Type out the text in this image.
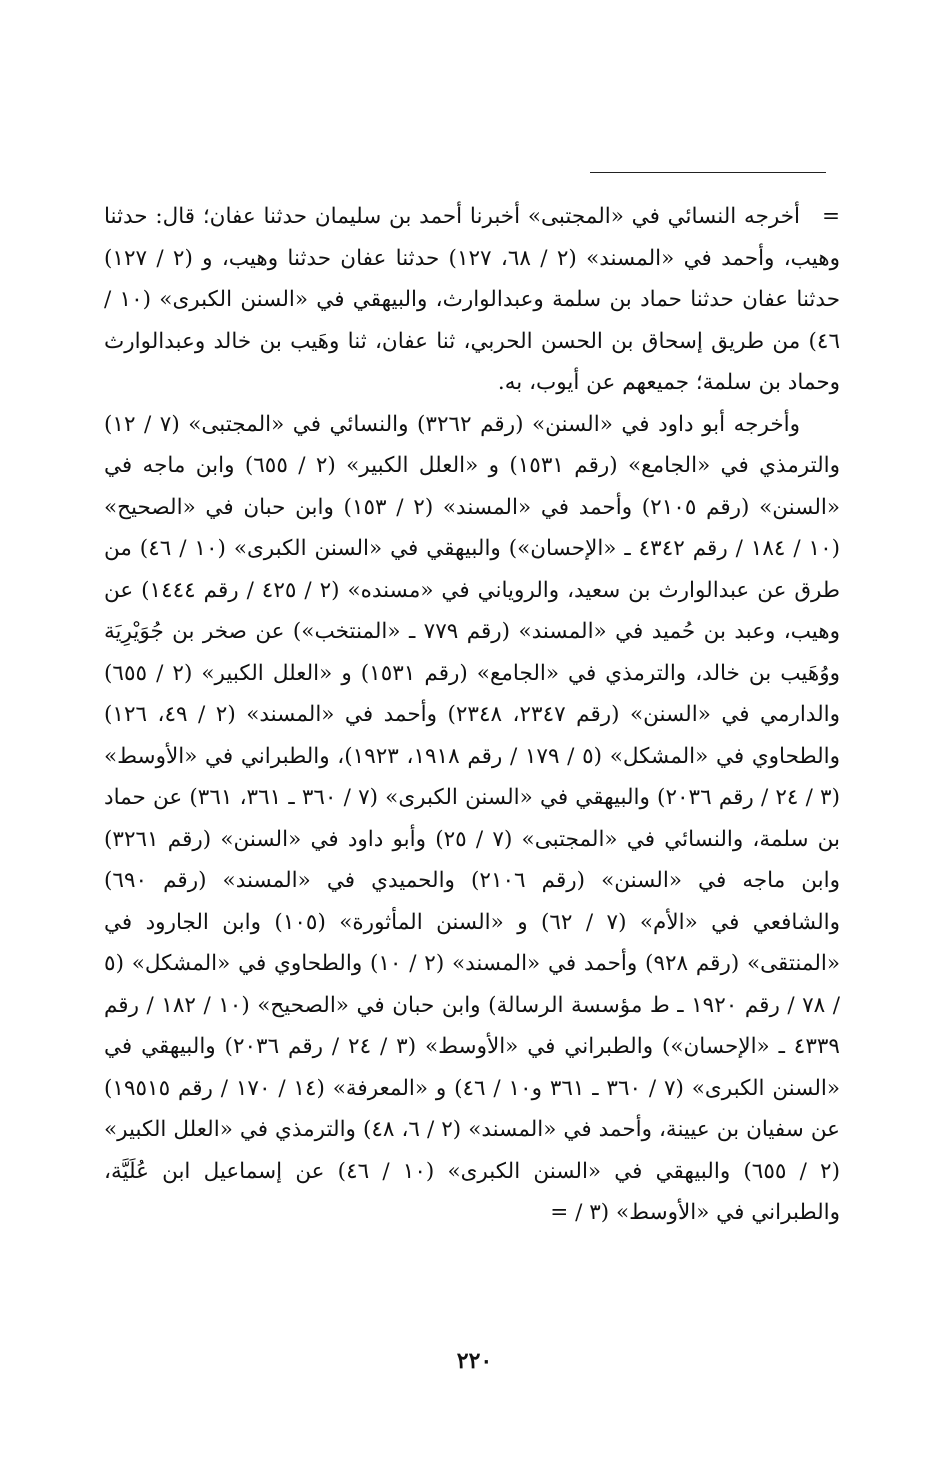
=
أخرجه النسائي في «المجتبى» أخبرنا أحمد بن سليمان حدثنا عفان؛ قال: حدثنا وهيب، وأحمد في «المسند» (٢ / ٦٨، ١٢٧) حدثنا عفان حدثنا وهيب، و (٢ / ١٢٧) حدثنا عفان حدثنا حماد بن سلمة وعبدالوارث، والبيهقي في «السنن الكبرى» (١٠ / ٤٦) من طريق إسحاق بن الحسن الحربي، ثنا عفان، ثنا وهَيب بن خالد وعبدالوارث وحماد بن سلمة؛ جميعهم عن أيوب، به.

وأخرجه أبو داود في «السنن» (رقم ٣٢٦٢) والنسائي في «المجتبى» (٧ / ١٢) والترمذي في «الجامع» (رقم ١٥٣١) و «العلل الكبير» (٢ / ٦٥٥) وابن ماجه في «السنن» (رقم ٢١٠٥) وأحمد في «المسند» (٢ / ١٥٣) وابن حبان في «الصحيح» (١٠ / ١٨٤ / رقم ٤٣٤٢ ـ «الإحسان») والبيهقي في «السنن الكبرى» (١٠ / ٤٦) من طرق عن عبدالوارث بن سعيد، والروياني في «مسنده» (٢ / ٤٢٥ / رقم ١٤٤٤) عن وهيب، وعبد بن حُميد في «المسند» (رقم ٧٧٩ ـ «المنتخب») عن صخر بن جُوَيْرِيَة ووُهَيب بن خالد، والترمذي في «الجامع» (رقم ١٥٣١) و «العلل الكبير» (٢ / ٦٥٥) والدارمي في «السنن» (رقم ٢٣٤٧، ٢٣٤٨) وأحمد في «المسند» (٢ / ٤٩، ١٢٦) والطحاوي في «المشكل» (٥ / ١٧٩ / رقم ١٩١٨، ١٩٢٣)، والطبراني في «الأوسط» (٣ / ٢٤ / رقم ٢٠٣٦) والبيهقي في «السنن الكبرى» (٧ / ٣٦٠ ـ ٣٦١، ٣٦١) عن حماد بن سلمة، والنسائي في «المجتبى» (٧ / ٢٥) وأبو داود في «السنن» (رقم ٣٢٦١) وابن ماجه في «السنن» (رقم ٢١٠٦) والحميدي في «المسند» (رقم ٦٩٠) والشافعي في «الأم» (٧ / ٦٢) و «السنن المأثورة» (١٠٥) وابن الجارود في «المنتقى» (رقم ٩٢٨) وأحمد في «المسند» (٢ / ١٠) والطحاوي في «المشكل» (٥ / ٧٨ / رقم ١٩٢٠ ـ ط مؤسسة الرسالة) وابن حبان في «الصحيح» (١٠ / ١٨٢ / رقم ٤٣٣٩ ـ «الإحسان») والطبراني في «الأوسط» (٣ / ٢٤ / رقم ٢٠٣٦) والبيهقي في «السنن الكبرى» (٧ / ٣٦٠ ـ ٣٦١ و١٠ / ٤٦) و «المعرفة» (١٤ / ١٧٠ / رقم ١٩٥١٥) عن سفيان بن عيينة، وأحمد في «المسند» (٢ / ٦، ٤٨) والترمذي في «العلل الكبير» (٢ / ٦٥٥) والبيهقي في «السنن الكبرى» (١٠ / ٤٦) عن إسماعيل ابن عُلَيَّة، والطبراني في «الأوسط» (٣ / =

٢٢٠
